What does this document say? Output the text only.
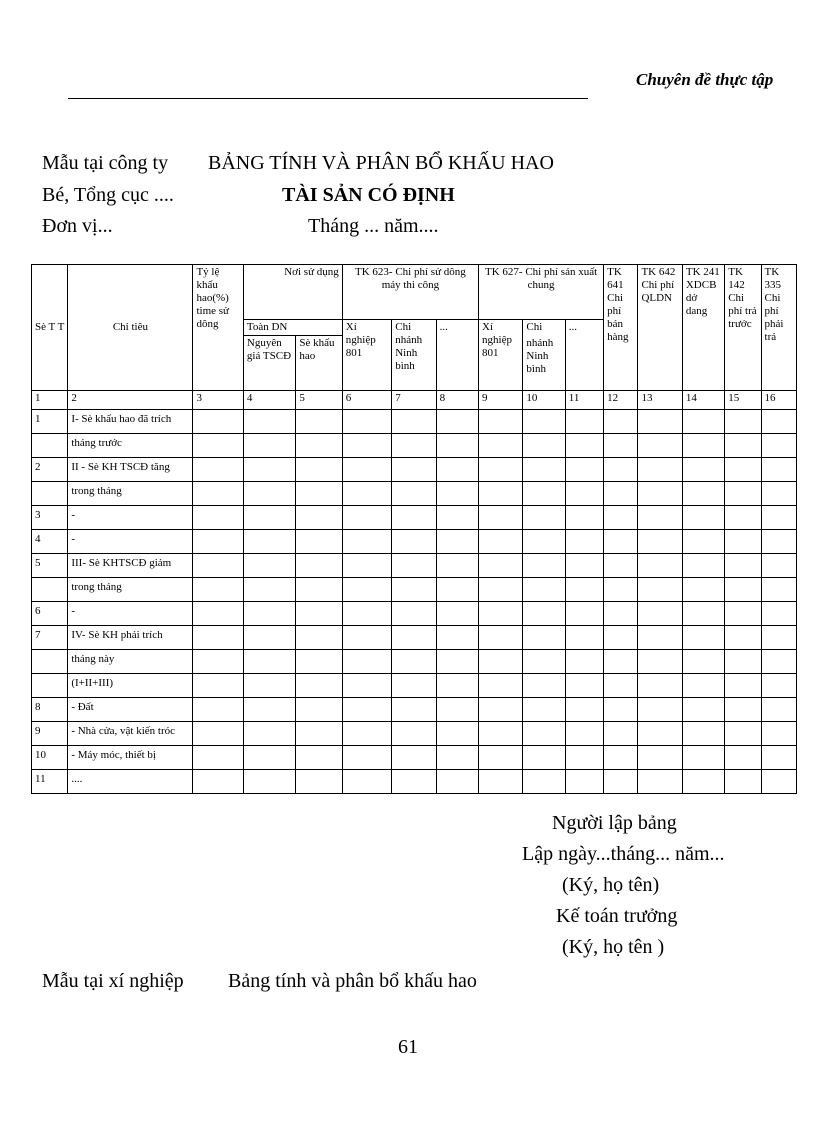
Chuyên đề thực tập
Mẫu tại công ty BẢNG TÍNH VÀ PHÂN BỔ KHẤU HAO
Bé, Tổng cục ....	TÀI SẢN CÓ ĐỊNH
Đơn vị...	Tháng ... năm....
Sè T T	Chỉ tiêu	Tỷ lệ khấu hao(%) time sử dông	Nơi sử dụng		TK 623- Chi phí sử dông máy thi công			TK 627- Chi phí sản xuất chung			TK 641 Chi phí bán hàng	TK 642 Chi phí QLDN	TK 241 XDCB dở dang	TK 142 Chi phí trả trước	TK 335 Chi phí phải trả
			Toàn DN		Xí nghiệp 801	Chi nhánh Ninh bình	...	Xí nghiệp 801	Chi	...					
			Nguyên giá TSCĐ	Sè khấu hao					nhánh Ninh bình						

1	2	3	4	5	6	7	8	9	10	11	12	13	14	15	16
1	I- Sè khấu hao đã trích														
	tháng trước														
2	II - Sè KH TSCĐ tăng														
	trong tháng														
3	-														
4	-														
5	III- Sè KHTSCĐ giảm														
	trong tháng														
6	-														
7	IV- Sè KH phải trích														
	tháng này														
	(I+II+III)														
8	- Đất														
9	- Nhà cửa, vật kiến tróc														
10	- Máy móc, thiết bị														
11	....														
Người lập bảng
Lập ngày...tháng... năm...
(Ký, họ tên)
Kế toán trưởng
(Ký, họ tên )
Mẫu tại xí nghiệp Bảng tính và phân bổ khấu hao
61
